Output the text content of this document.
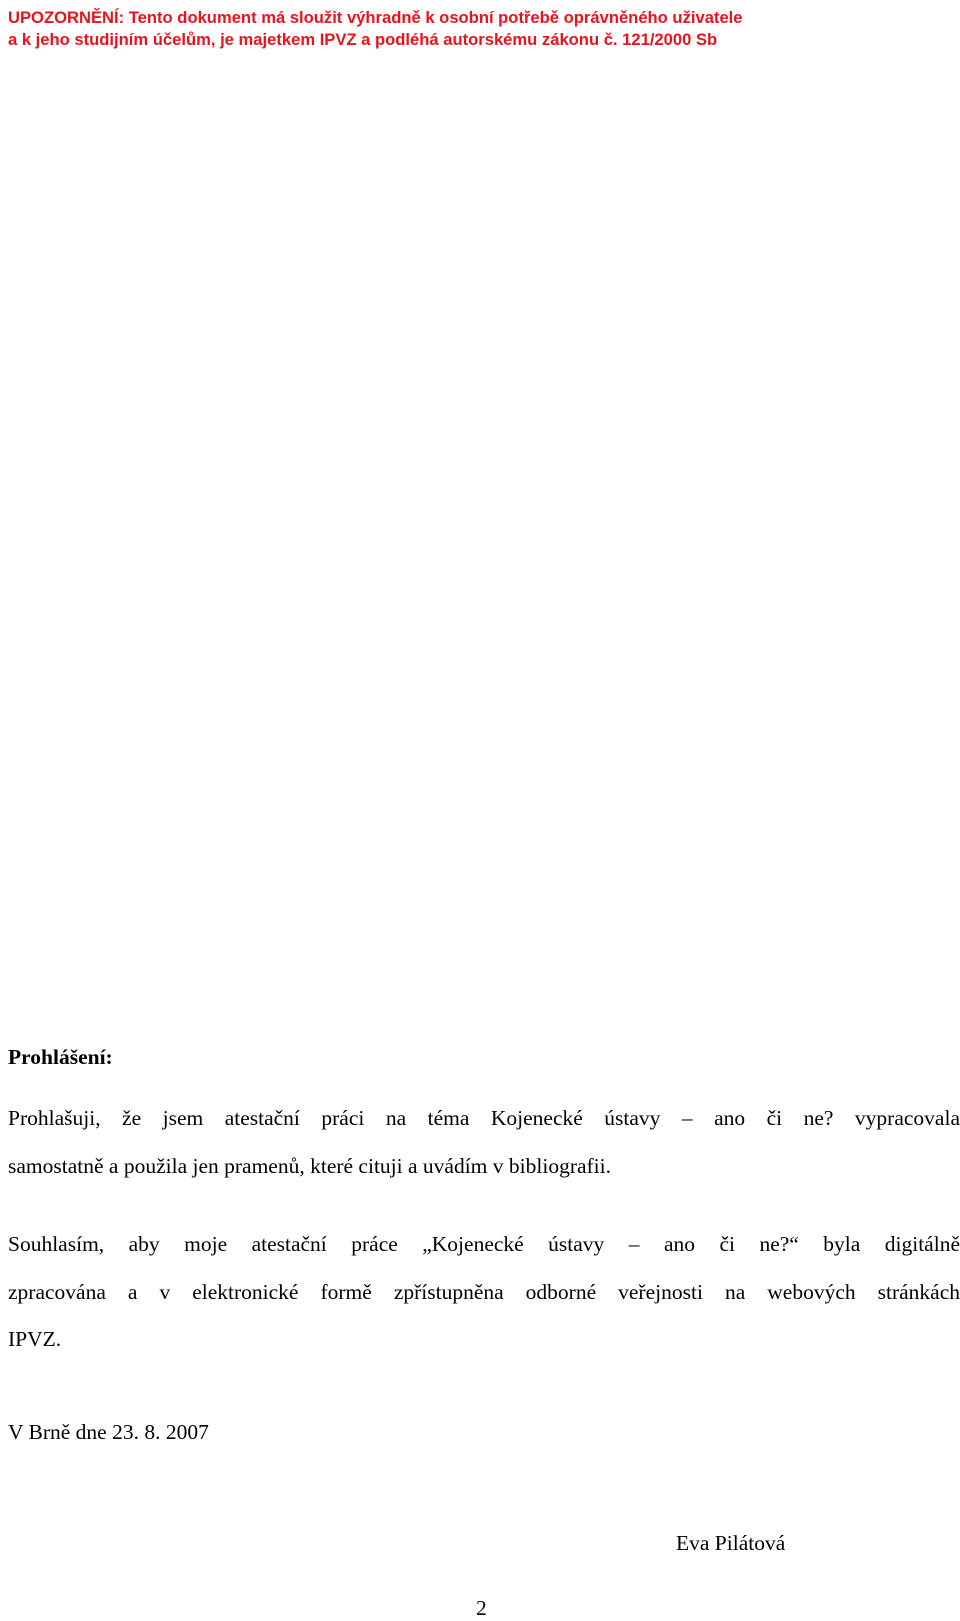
UPOZORNĚNÍ: Tento dokument má sloužit výhradně k osobní potřebě oprávněného uživatele
a k jeho studijním účelům, je majetkem IPVZ a podléhá autorskému zákonu č. 121/2000 Sb
Prohlášení:
Prohlašuji, že jsem atestační práci na téma Kojenecké ústavy – ano či ne? vypracovala
samostatně a použila jen pramenů, které cituji a uvádím v bibliografii.
Souhlasím, aby moje atestační práce „Kojenecké ústavy – ano či ne?“ byla digitálně
zpracována a v elektronické formě zpřístupněna odborné veřejnosti na webových stránkách
IPVZ.
V Brně dne 23. 8. 2007
Eva Pilátová
2
